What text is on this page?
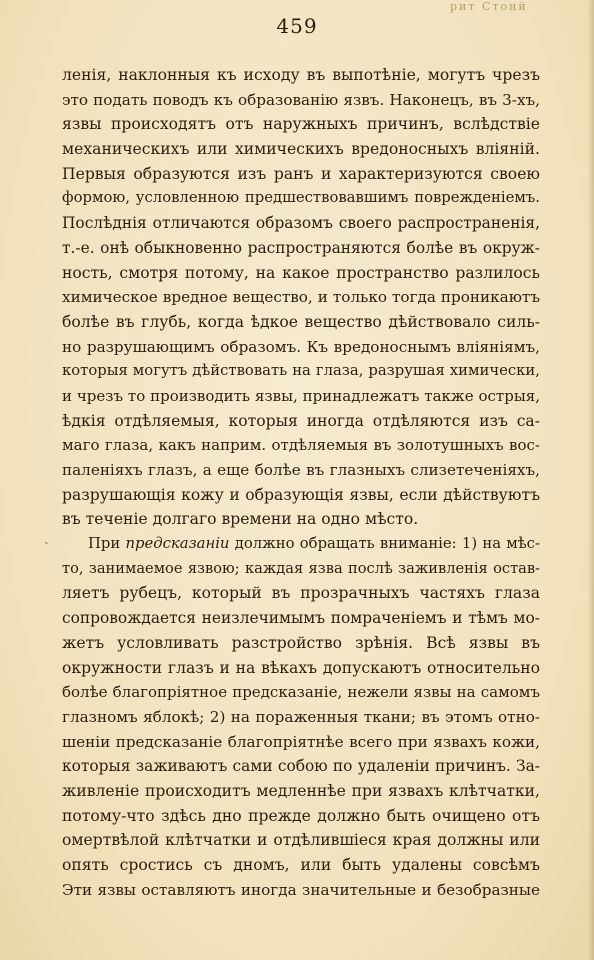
рит Стонй
459
ˎ
ленія, наклонныя къ исходу въ выпотѣніе, могутъ чрезъ
это подать поводъ къ образованію язвъ. Наконецъ, въ 3-хъ,
язвы происходятъ отъ наружныхъ причинъ, вслѣдствіе
механическихъ или химическихъ вредоносныхъ вліяній.
Первыя образуются изъ ранъ и характеризуются своею
формою, условленною предшествовавшимъ поврежденіемъ.
Послѣднія отличаются образомъ своего распространенія,
т.-е. онѣ обыкновенно распространяются болѣе въ окруж-
ность, смотря потому, на какое пространство разлилось
химическое вредное вещество, и только тогда проникаютъ
болѣе въ глубь, когда ѣдкое вещество дѣйствовало силь-
но разрушающимъ образомъ. Къ вредоноснымъ вліяніямъ,
которыя могутъ дѣйствовать на глаза, разрушая химически,
и чрезъ то производить язвы, принадлежатъ также острыя,
ѣдкія отдѣляемыя, которыя иногда отдѣляются изъ са-
маго глаза, какъ наприм. отдѣляемыя въ золотушныхъ вос-
паленіяхъ глазъ, а еще болѣе въ глазныхъ слизетеченіяхъ,
разрушающія кожу и образующія язвы, если дѣйствуютъ
въ теченіе долгаго времени на одно мѣсто.
При предсказаніи должно обращать вниманіе: 1) на мѣс-
то, занимаемое язвою; каждая язва послѣ заживленія остав-
ляетъ рубецъ, который въ прозрачныхъ частяхъ глаза
сопровождается неизлечимымъ помраченіемъ и тѣмъ мо-
жетъ условливать разстройство зрѣнія. Всѣ язвы въ
окружности глазъ и на вѣкахъ допускаютъ относительно
болѣе благопріятное предсказаніе, нежели язвы на самомъ
глазномъ яблокѣ; 2) на пораженныя ткани; въ этомъ отно-
шеніи предсказаніе благопріятнѣе всего при язвахъ кожи,
которыя заживаютъ сами собою по удаленіи причинъ. За-
живленіе происходитъ медленнѣе при язвахъ клѣтчатки,
потому-что здѣсь дно прежде должно быть очищено отъ
омертвѣлой клѣтчатки и отдѣлившіеся края должны или
опять сростись съ дномъ, или быть удалены совсѣмъ
Эти язвы оставляютъ иногда значительные и безобразные
